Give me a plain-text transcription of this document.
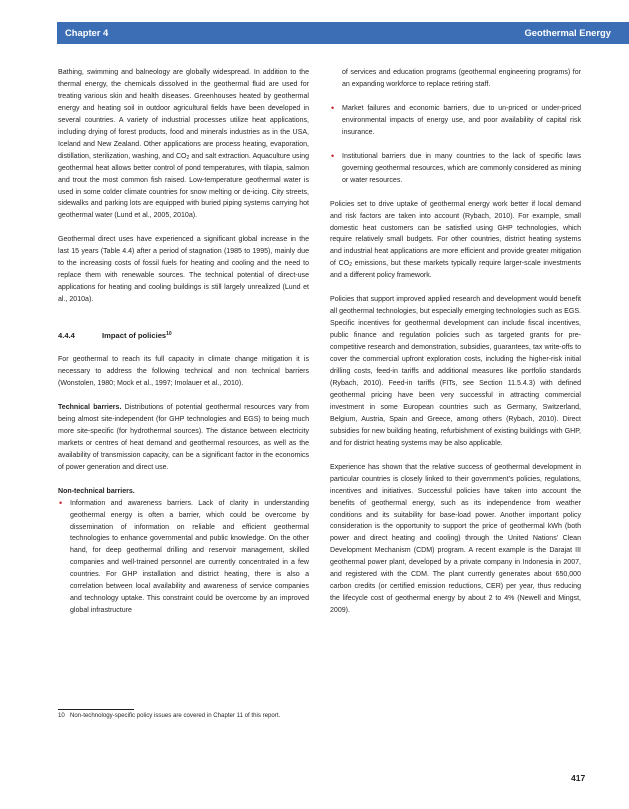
Chapter 4	Geothermal Energy

Bathing, swimming and balneology are globally widespread. In addition to the thermal energy, the chemicals dissolved in the geothermal fluid are used for treating various skin and health diseases. Greenhouses heated by geothermal energy and heating soil in outdoor agricultural fields have been developed in several countries. A variety of industrial processes utilize heat applications, including drying of forest products, food and minerals industries as in the USA, Iceland and New Zealand. Other applications are process heating, evaporation, distillation, sterilization, washing, and $CO_2$ and salt extraction. Aquaculture using geothermal heat allows better control of pond temperatures, with tilapia, salmon and trout the most common fish raised. Low-temperature geothermal water is used in some colder climate countries for snow melting or de-icing. City streets, sidewalks and parking lots are equipped with buried piping systems carrying hot geothermal water (Lund et al., 2005, 2010a).

Geothermal direct uses have experienced a significant global increase in the last 15 years (Table 4.4) after a period of stagnation (1985 to 1995), mainly due to the increasing costs of fossil fuels for heating and cooling and the need to replace them with renewable sources. The technical potential of direct-use applications for heating and cooling buildings is still largely unrealized (Lund et al., 2010a).

4.4.4	Impact of policies$^{10}$

For geothermal to reach its full capacity in climate change mitigation it is necessary to address the following technical and non technical barriers (Wonstolen, 1980; Mock et al., 1997; Imolauer et al., 2010).

Technical barriers. Distributions of potential geothermal resources vary from being almost site-independent (for GHP technologies and EGS) to being much more site-specific (for hydrothermal sources). The distance between electricity markets or centres of heat demand and geothermal resources, as well as the availability of transmission capacity, can be a significant factor in the economics of power generation and direct use.

Non-technical barriers.

• Information and awareness barriers. Lack of clarity in understanding geothermal energy is often a barrier, which could be overcome by dissemination of information on reliable and efficient geothermal technologies to enhance governmental and public knowledge. On the other hand, for deep geothermal drilling and reservoir management, skilled companies and well-trained personnel are currently concentrated in a few countries. For GHP installation and district heating, there is also a correlation between local availability and awareness of service companies and technology uptake. This constraint could be overcome by an improved global infrastructure

of services and education programs (geothermal engineering programs) for an expanding workforce to replace retiring staff.

• Market failures and economic barriers, due to un-priced or under-priced environmental impacts of energy use, and poor availability of capital risk insurance.
• Institutional barriers due in many countries to the lack of specific laws governing geothermal resources, which are commonly considered as mining or water resources.

Policies set to drive uptake of geothermal energy work better if local demand and risk factors are taken into account (Rybach, 2010). For example, small domestic heat customers can be satisfied using GHP technologies, which require relatively small budgets. For other countries, district heating systems and industrial heat applications are more efficient and provide greater mitigation of $CO_2$ emissions, but these markets typically require larger-scale investments and a different policy framework.

Policies that support improved applied research and development would benefit all geothermal technologies, but especially emerging technologies such as EGS. Specific incentives for geothermal development can include fiscal incentives, public finance and regulation policies such as targeted grants for pre-competitive research and demonstration, subsidies, guarantees, tax write-offs to cover the commercial upfront exploration costs, including the higher-risk initial drilling costs, feed-in tariffs and additional measures like portfolio standards (Rybach, 2010). Feed-in tariffs (FITs, see Section 11.5.4.3) with defined geothermal pricing have been very successful in attracting commercial investment in some European countries such as Germany, Switzerland, Belgium, Austria, Spain and Greece, among others (Rybach, 2010). Direct subsidies for new building heating, refurbishment of existing buildings with GHP, and for district heating systems may be also applicable.

Experience has shown that the relative success of geothermal development in particular countries is closely linked to their government’s policies, regulations, incentives and initiatives. Successful policies have taken into account the benefits of geothermal energy, such as its independence from weather conditions and its suitability for base-load power. Another important policy consideration is the opportunity to support the price of geothermal kWh (both power and direct heating and cooling) through the United Nations’ Clean Development Mechanism (CDM) program. A recent example is the Darajat III geothermal power plant, developed by a private company in Indonesia in 2007, and registered with the CDM. The plant currently generates about 650,000 carbon credits (or certified emission reductions, CER) per year, thus reducing the lifecycle cost of geothermal energy by about 2 to 4% (Newell and Mingst, 2009).

10 Non-technology-specific policy issues are covered in Chapter 11 of this report.
417
